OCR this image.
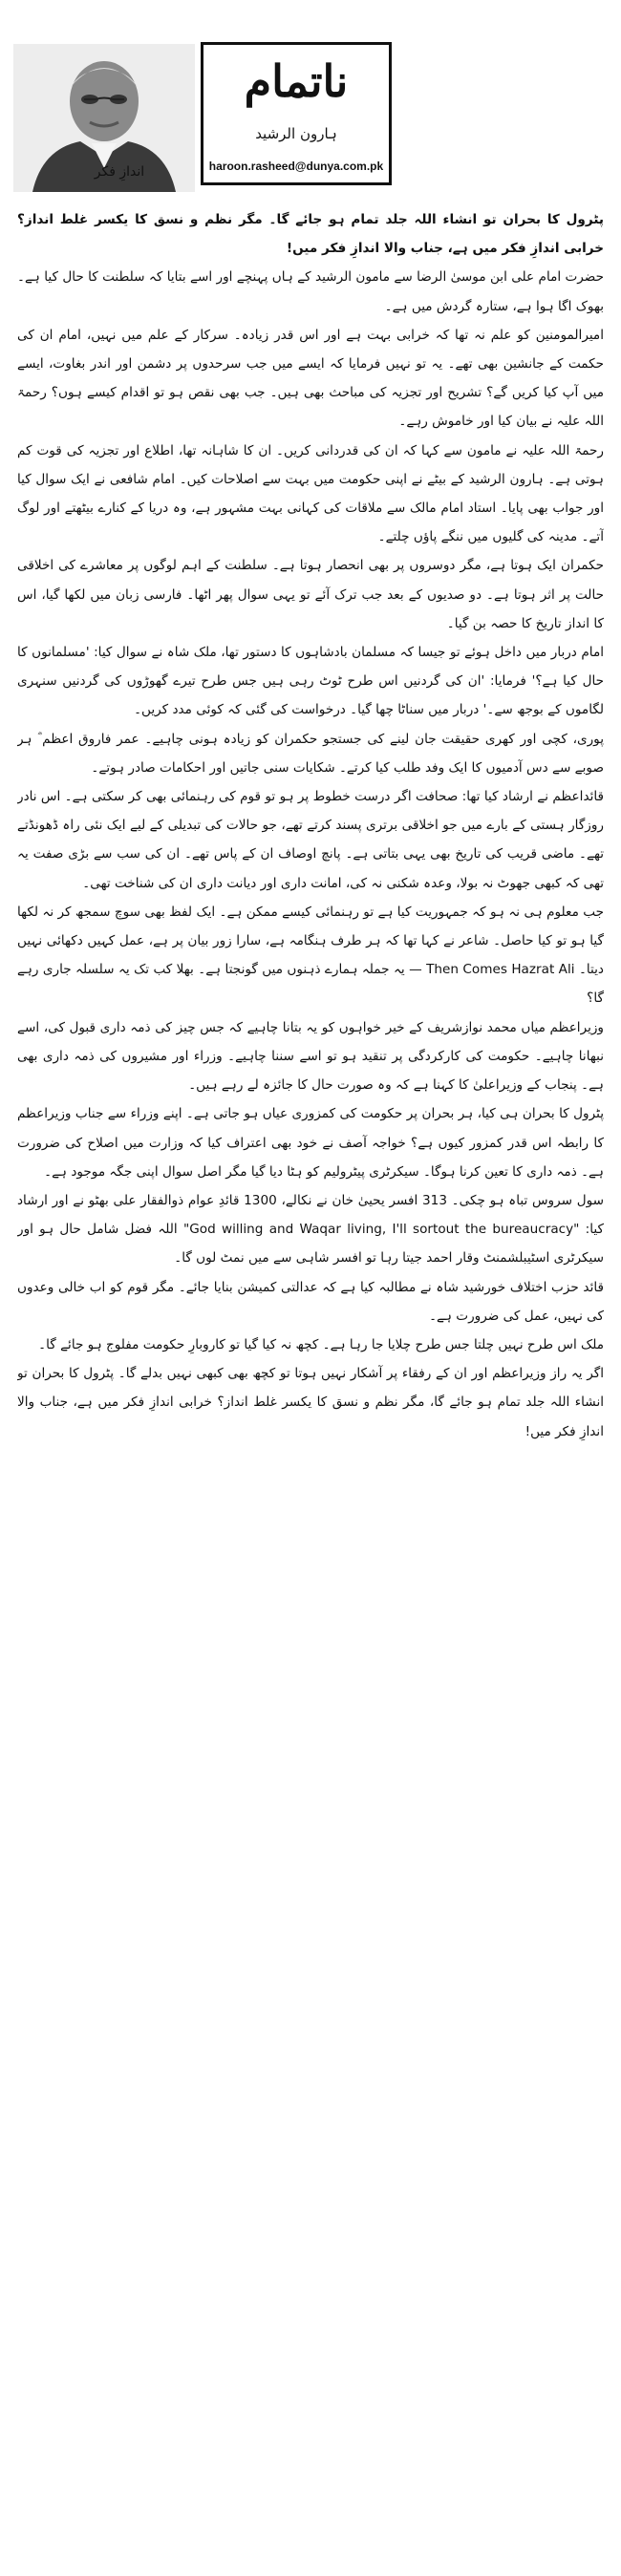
ناتمام
ہارون الرشید
haroon.rasheed@dunya.com.pk
اندازِ فکر

پٹرول کا بحران تو انشاء اللہ جلد تمام ہو جائے گا۔ مگر نظم و نسق کا یکسر غلط انداز؟ خرابی اندازِ فکر میں ہے، جناب والا اندازِ فکر میں!

حضرت امام علی ابن موسیٰ الرضا سے مامون الرشید کے ہاں پہنچے اور اسے بتایا کہ سلطنت کا حال کیا ہے۔ بھوک اگا ہوا ہے، ستارہ گردش میں ہے۔

امیرالمومنین کو علم نہ تھا کہ خرابی بہت ہے اور اس قدر زیادہ۔ سرکار کے علم میں نہیں، امام ان کی حکمت کے جانشین بھی تھے۔ یہ تو نہیں فرمایا کہ ایسے میں جب سرحدوں پر دشمن اور اندر بغاوت، ایسے میں آپ کیا کریں گے؟ تشریح اور تجزیہ کی مباحث بھی ہیں۔ جب بھی نقص ہو تو اقدام کیسے ہوں؟ رحمۃ اللہ علیہ نے بیان کیا اور خاموش رہے۔

رحمۃ اللہ علیہ نے مامون سے کہا کہ ان کی قدردانی کریں۔ ان کا شاہانہ تھا، اطلاع اور تجزیہ کی قوت کم ہوتی ہے۔ ہارون الرشید کے بیٹے نے اپنی حکومت میں بہت سے اصلاحات کیں۔ امام شافعی نے ایک سوال کیا اور جواب بھی پایا۔ استاد امام مالک سے ملاقات کی کہانی بہت مشہور ہے، وہ دریا کے کنارے بیٹھتے اور لوگ آتے۔ مدینہ کی گلیوں میں ننگے پاؤں چلتے۔

حکمران ایک ہوتا ہے، مگر دوسروں پر بھی انحصار ہوتا ہے۔ سلطنت کے اہم لوگوں پر معاشرے کی اخلاقی حالت پر اثر ہوتا ہے۔ دو صدیوں کے بعد جب ترک آئے تو یہی سوال پھر اٹھا۔ فارسی زبان میں لکھا گیا، اس کا انداز تاریخ کا حصہ بن گیا۔

امام دربار میں داخل ہوئے تو جیسا کہ مسلمان بادشاہوں کا دستور تھا، ملک شاہ نے سوال کیا: 'مسلمانوں کا حال کیا ہے؟' فرمایا: 'ان کی گردنیں اس طرح ٹوٹ رہی ہیں جس طرح تیرے گھوڑوں کی گردنیں سنہری لگاموں کے بوجھ سے۔' دربار میں سناٹا چھا گیا۔ درخواست کی گئی کہ کوئی مدد کریں۔

پوری، کچی اور کھری حقیقت جان لینے کی جستجو حکمران کو زیادہ ہونی چاہیے۔ عمر فاروق اعظم ؓ ہر صوبے سے دس آدمیوں کا ایک وفد طلب کیا کرتے۔ شکایات سنی جاتیں اور احکامات صادر ہوتے۔

قائداعظم نے ارشاد کیا تھا: صحافت اگر درست خطوط پر ہو تو قوم کی رہنمائی بھی کر سکتی ہے۔ اس نادر روزگار ہستی کے بارے میں جو اخلاقی برتری پسند کرتے تھے، جو حالات کی تبدیلی کے لیے ایک نئی راہ ڈھونڈتے تھے۔ ماضی قریب کی تاریخ بھی یہی بتاتی ہے۔ پانچ اوصاف ان کے پاس تھے۔ ان کی سب سے بڑی صفت یہ تھی کہ کبھی جھوٹ نہ بولا، وعدہ شکنی نہ کی، امانت داری اور دیانت داری ان کی شناخت تھی۔

جب معلوم ہی نہ ہو کہ جمہوریت کیا ہے تو رہنمائی کیسے ممکن ہے۔ ایک لفظ بھی سوچ سمجھ کر نہ لکھا گیا ہو تو کیا حاصل۔ شاعر نے کہا تھا کہ ہر طرف ہنگامہ ہے، سارا زور بیان پر ہے، عمل کہیں دکھائی نہیں دیتا۔ Then Comes Hazrat Ali — یہ جملہ ہمارے ذہنوں میں گونجتا ہے۔ بھلا کب تک یہ سلسلہ جاری رہے گا؟

وزیراعظم میاں محمد نوازشریف کے خیر خواہوں کو یہ بتانا چاہیے کہ جس چیز کی ذمہ داری قبول کی، اسے نبھانا چاہیے۔ حکومت کی کارکردگی پر تنقید ہو تو اسے سننا چاہیے۔ وزراء اور مشیروں کی ذمہ داری بھی ہے۔ پنجاب کے وزیراعلیٰ کا کہنا ہے کہ وہ صورت حال کا جائزہ لے رہے ہیں۔

پٹرول کا بحران ہی کیا، ہر بحران پر حکومت کی کمزوری عیاں ہو جاتی ہے۔ اپنے وزراء سے جناب وزیراعظم کا رابطہ اس قدر کمزور کیوں ہے؟ خواجہ آصف نے خود بھی اعتراف کیا کہ وزارت میں اصلاح کی ضرورت ہے۔ ذمہ داری کا تعین کرنا ہوگا۔ سیکرٹری پیٹرولیم کو ہٹا دیا گیا مگر اصل سوال اپنی جگہ موجود ہے۔

سول سروس تباہ ہو چکی۔ 313 افسر یحییٰ خان نے نکالے، 1300 قائدِ عوام ذوالفقار علی بھٹو نے اور ارشاد کیا: "God willing and Waqar living, I'll sortout the bureaucracy" اللہ فضل شامل حال ہو اور سیکرٹری اسٹیبلشمنٹ وقار احمد جیتا رہا تو افسر شاہی سے میں نمٹ لوں گا۔

قائد حزب اختلاف خورشید شاہ نے مطالبہ کیا ہے کہ عدالتی کمیشن بنایا جائے۔ مگر قوم کو اب خالی وعدوں کی نہیں، عمل کی ضرورت ہے۔

ملک اس طرح نہیں چلتا جس طرح چلایا جا رہا ہے۔ کچھ نہ کیا گیا تو کاروبارِ حکومت مفلوج ہو جائے گا۔

اگر یہ راز وزیراعظم اور ان کے رفقاء پر آشکار نہیں ہوتا تو کچھ بھی کبھی نہیں بدلے گا۔ پٹرول کا بحران تو انشاء اللہ جلد تمام ہو جائے گا، مگر نظم و نسق کا یکسر غلط انداز؟ خرابی اندازِ فکر میں ہے، جناب والا اندازِ فکر میں!
